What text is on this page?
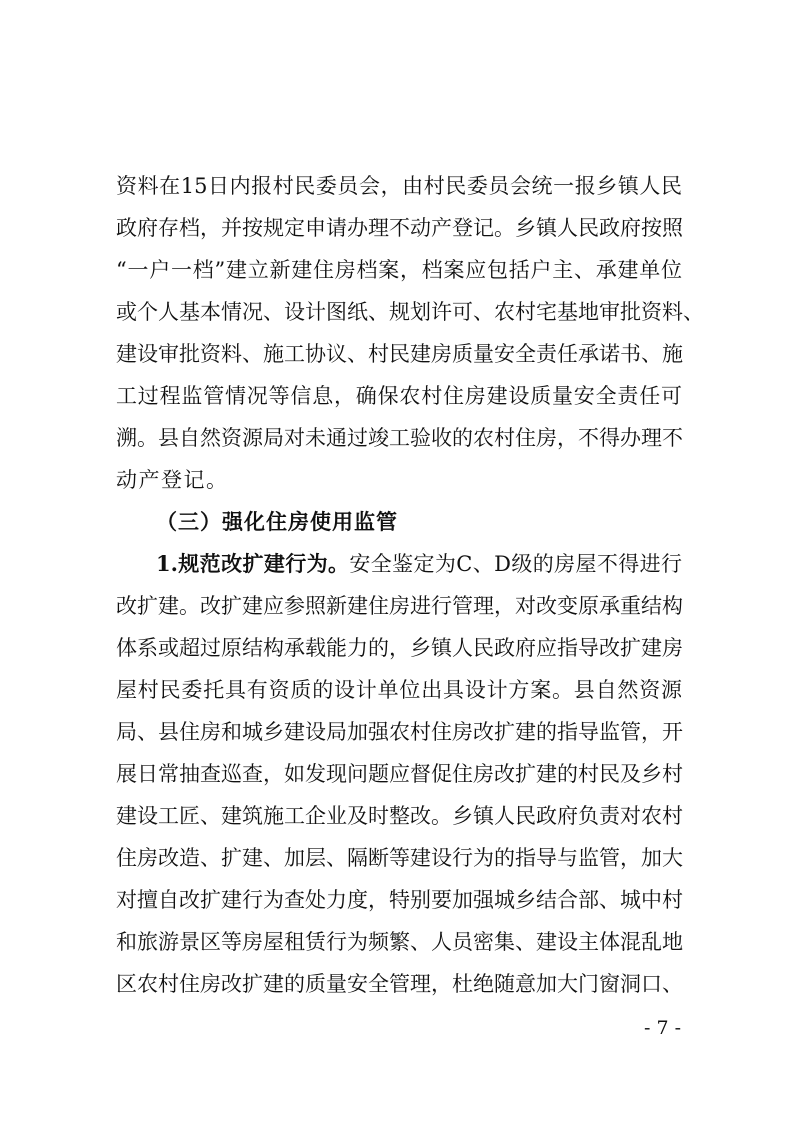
资料在15日内报村民委员会，由村民委员会统一报乡镇人民
政府存档，并按规定申请办理不动产登记。乡镇人民政府按照
“一户一档”建立新建住房档案，档案应包括户主、承建单位
或个人基本情况、设计图纸、规划许可、农村宅基地审批资料、
建设审批资料、施工协议、村民建房质量安全责任承诺书、施
工过程监管情况等信息，确保农村住房建设质量安全责任可
溯。县自然资源局对未通过竣工验收的农村住房，不得办理不
动产登记。
（三）强化住房使用监管
1.规范改扩建行为。安全鉴定为C、D级的房屋不得进行
改扩建。改扩建应参照新建住房进行管理，对改变原承重结构
体系或超过原结构承载能力的，乡镇人民政府应指导改扩建房
屋村民委托具有资质的设计单位出具设计方案。县自然资源
局、县住房和城乡建设局加强农村住房改扩建的指导监管，开
展日常抽查巡查，如发现问题应督促住房改扩建的村民及乡村
建设工匠、建筑施工企业及时整改。乡镇人民政府负责对农村
住房改造、扩建、加层、隔断等建设行为的指导与监管，加大
对擅自改扩建行为查处力度，特别要加强城乡结合部、城中村
和旅游景区等房屋租赁行为频繁、人员密集、建设主体混乱地
区农村住房改扩建的质量安全管理，杜绝随意加大门窗洞口、
- 7 -
